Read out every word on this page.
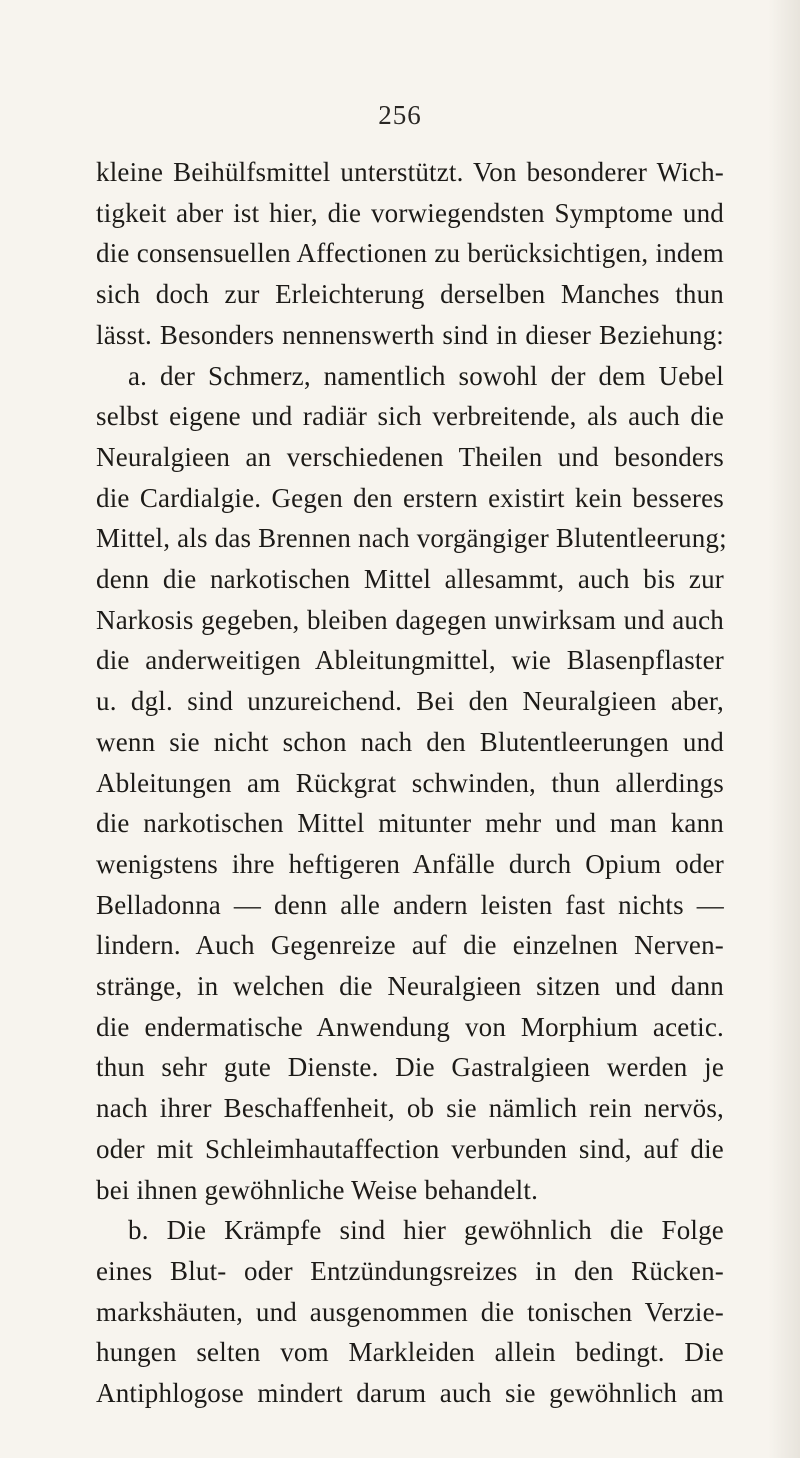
256
kleine Beihülfsmittel unterstützt. Von besonderer Wich-
tigkeit aber ist hier, die vorwiegendsten Symptome und
die consensuellen Affectionen zu berücksichtigen, indem
sich doch zur Erleichterung derselben Manches thun
lässt. Besonders nennenswerth sind in dieser Beziehung:
a. der Schmerz, namentlich sowohl der dem Uebel
selbst eigene und radiär sich verbreitende, als auch die
Neuralgieen an verschiedenen Theilen und besonders
die Cardialgie. Gegen den erstern existirt kein besseres
Mittel, als das Brennen nach vorgängiger Blutentleerung;
denn die narkotischen Mittel allesammt, auch bis zur
Narkosis gegeben, bleiben dagegen unwirksam und auch
die anderweitigen Ableitungmittel, wie Blasenpflaster
u. dgl. sind unzureichend. Bei den Neuralgieen aber,
wenn sie nicht schon nach den Blutentleerungen und
Ableitungen am Rückgrat schwinden, thun allerdings
die narkotischen Mittel mitunter mehr und man kann
wenigstens ihre heftigeren Anfälle durch Opium oder
Belladonna — denn alle andern leisten fast nichts —
lindern. Auch Gegenreize auf die einzelnen Nerven-
stränge, in welchen die Neuralgieen sitzen und dann
die endermatische Anwendung von Morphium acetic.
thun sehr gute Dienste. Die Gastralgieen werden je
nach ihrer Beschaffenheit, ob sie nämlich rein nervös,
oder mit Schleimhautaffection verbunden sind, auf die
bei ihnen gewöhnliche Weise behandelt.
b. Die Krämpfe sind hier gewöhnlich die Folge
eines Blut- oder Entzündungsreizes in den Rücken-
markshäuten, und ausgenommen die tonischen Verzie-
hungen selten vom Markleiden allein bedingt. Die
Antiphlogose mindert darum auch sie gewöhnlich am
